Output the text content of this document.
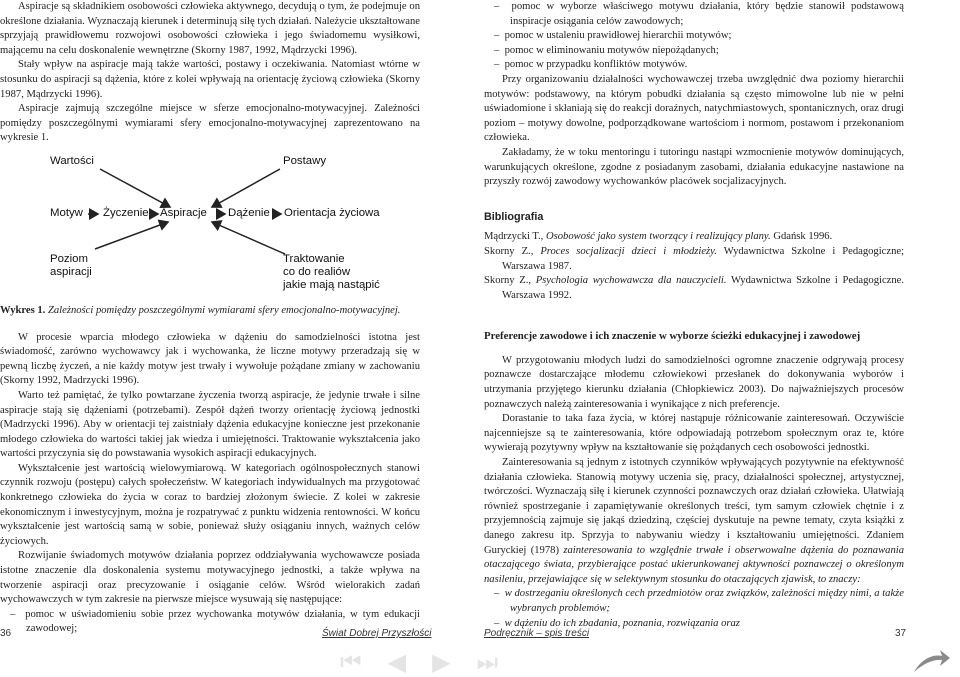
Aspiracje są składnikiem osobowości człowieka aktywnego, decydują o tym, że podejmuje on określone działania. Wyznaczają kierunek i determinują siłę tych działań. Należycie ukształtowane sprzyjają prawidłowemu rozwojowi osobowości człowieka i jego świadomemu wysiłkowi, mającemu na celu doskonalenie wewnętrzne (Skorny 1987, 1992, Mądrzycki 1996).

Stały wpływ na aspiracje mają także wartości, postawy i oczekiwania. Natomiast wtórne w stosunku do aspiracji są dążenia, które z kolei wpływają na orientację życiową człowieka (Skorny 1987, Mądrzycki 1996).

Aspiracje zajmują szczególne miejsce w sferze emocjonalno-motywacyjnej. Zależności pomiędzy poszczególnymi wymiarami sfery emocjonalno-motywacyjnej zaprezentowano na wykresie 1.

Wartości	Postawy
Motyw Życzenie Aspiracje Dążenie Orientacja życiowa
Poziom
aspiracji
Traktowanie
co do realiów
jakie mają nastąpić

Wykres 1. Zależności pomiędzy poszczególnymi wymiarami sfery emocjonalno-motywacyjnej.

W procesie wparcia młodego człowieka w dążeniu do samodzielności istotna jest świadomość, zarówno wychowawcy jak i wychowanka, że liczne motywy przeradzają się w pewną liczbę życzeń, a nie każdy motyw jest trwały i wywołuje pożądane zmiany w zachowaniu (Skorny 1992, Madrzycki 1996).

Warto też pamiętać, że tylko powtarzane życzenia tworzą aspiracje, że jedynie trwałe i silne aspiracje stają się dążeniami (potrzebami). Zespół dążeń tworzy orientację życiową jednostki (Madrzycki 1996). Aby w orientacji tej zaistniały dążenia edukacyjne konieczne jest przekonanie młodego człowieka do wartości takiej jak wiedza i umiejętności. Traktowanie wykształcenia jako wartości przyczynia się do powstawania wysokich aspiracji edukacyjnych.

Wykształcenie jest wartością wielowymiarową. W kategoriach ogólnospołecznych stanowi czynnik rozwoju (postępu) całych społeczeństw. W kategoriach indywidualnych ma przygotować konkretnego człowieka do życia w coraz to bardziej złożonym świecie. Z kolei w zakresie ekonomicznym i inwestycyjnym, można je rozpatrywać z punktu widzenia rentowności. W końcu wykształcenie jest wartością samą w sobie, ponieważ służy osiąganiu innych, ważnych celów życiowych.

Rozwijanie świadomych motywów działania poprzez oddziaływania wychowawcze posiada istotne znaczenie dla doskonalenia systemu motywacyjnego jednostki, a także wpływa na tworzenie aspiracji oraz precyzowanie i osiąganie celów. Wśród wielorakich zadań wychowawczych w tym zakresie na pierwsze miejsce wysuwają się następujące:

–  pomoc w uświadomieniu sobie przez wychowanka motywów działania, w tym edukacji zawodowej;

–  pomoc w wyborze właściwego motywu działania, który będzie stanowił podstawową inspiracje osiągania celów zawodowych;

–  pomoc w ustaleniu prawidłowej hierarchii motywów;

–  pomoc w eliminowaniu motywów niepożądanych;

–  pomoc w przypadku konfliktów motywów.

Przy organizowaniu działalności wychowawczej trzeba uwzględnić dwa poziomy hierarchii motywów: podstawowy, na którym pobudki działania są często mimowolne lub nie w pełni uświadomione i skłaniają się do reakcji doraźnych, natychmiastowych, spontanicznych, oraz drugi poziom – motywy dowolne, podporządkowane wartościom i normom, postawom i przekonaniom człowieka.

Zakładamy, że w toku mentoringu i tutoringu nastąpi wzmocnienie motywów dominujących, warunkujących określone, zgodne z posiadanym zasobami, działania edukacyjne nastawione na przyszły rozwój zawodowy wychowanków placówek socjalizacyjnych.

Bibliografia

Mądrzycki T., Osobowość jako system tworzący i realizujący plany. Gdańsk 1996.

Skorny Z., Proces socjalizacji dzieci i młodzieży. Wydawnictwa Szkolne i Pedagogiczne; Warszawa 1987.

Skorny Z., Psychologia wychowawcza dla nauczycieli. Wydawnictwa Szkolne i Pedagogiczne. Warszawa 1992.

Preferencje zawodowe i ich znaczenie w wyborze ścieżki edukacyjnej i zawodowej

W przygotowaniu młodych ludzi do samodzielności ogromne znaczenie odgrywają procesy poznawcze dostarczające młodemu człowiekowi przesłanek do dokonywania wyborów i utrzymania przyjętego kierunku działania (Chłopkiewicz 2003). Do najważniejszych procesów poznawczych należą zainteresowania i wynikające z nich preferencje.

Dorastanie to taka faza życia, w której nastąpuje różnicowanie zainteresowań. Oczywiście najcenniejsze są te zainteresowania, które odpowiadają potrzebom społecznym oraz te, które wywierają pozytywny wpływ na kształtowanie się pożądanych cech osobowości jednostki.

Zainteresowania są jednym z istotnych czynników wpływających pozytywnie na efektywność działania człowieka. Stanowią motywy uczenia się, pracy, działalności społecznej, artystycznej, twórczości. Wyznaczają siłę i kierunek czynności poznawczych oraz działań człowieka. Ułatwiają również spostrzeganie i zapamiętywanie określonych treści, tym samym człowiek chętnie i z przyjemnością zajmuje się jakąś dziedziną, częściej dyskutuje na pewne tematy, czyta książki z danego zakresu itp. Sprzyja to nabywaniu wiedzy i kształtowaniu umiejętności. Zdaniem Guryckiej (1978) zainteresowania to względnie trwałe i obserwowalne dążenia do poznawania otaczającego świata, przybierające postać ukierunkowanej aktywności poznawczej o określonym nasileniu, przejawiające się w selektywnym stosunku do otaczających zjawisk, to znaczy:

–  w dostrzeganiu określonych cech przedmiotów oraz związków, zależności między nimi, a także wybranych problemów;

–  w dążeniu do ich zbadania, poznania, rozwiązania oraz

36	Świat Dobrej Przyszłości	Podręcznik – spis treści	37
⏮◀▶⏭
